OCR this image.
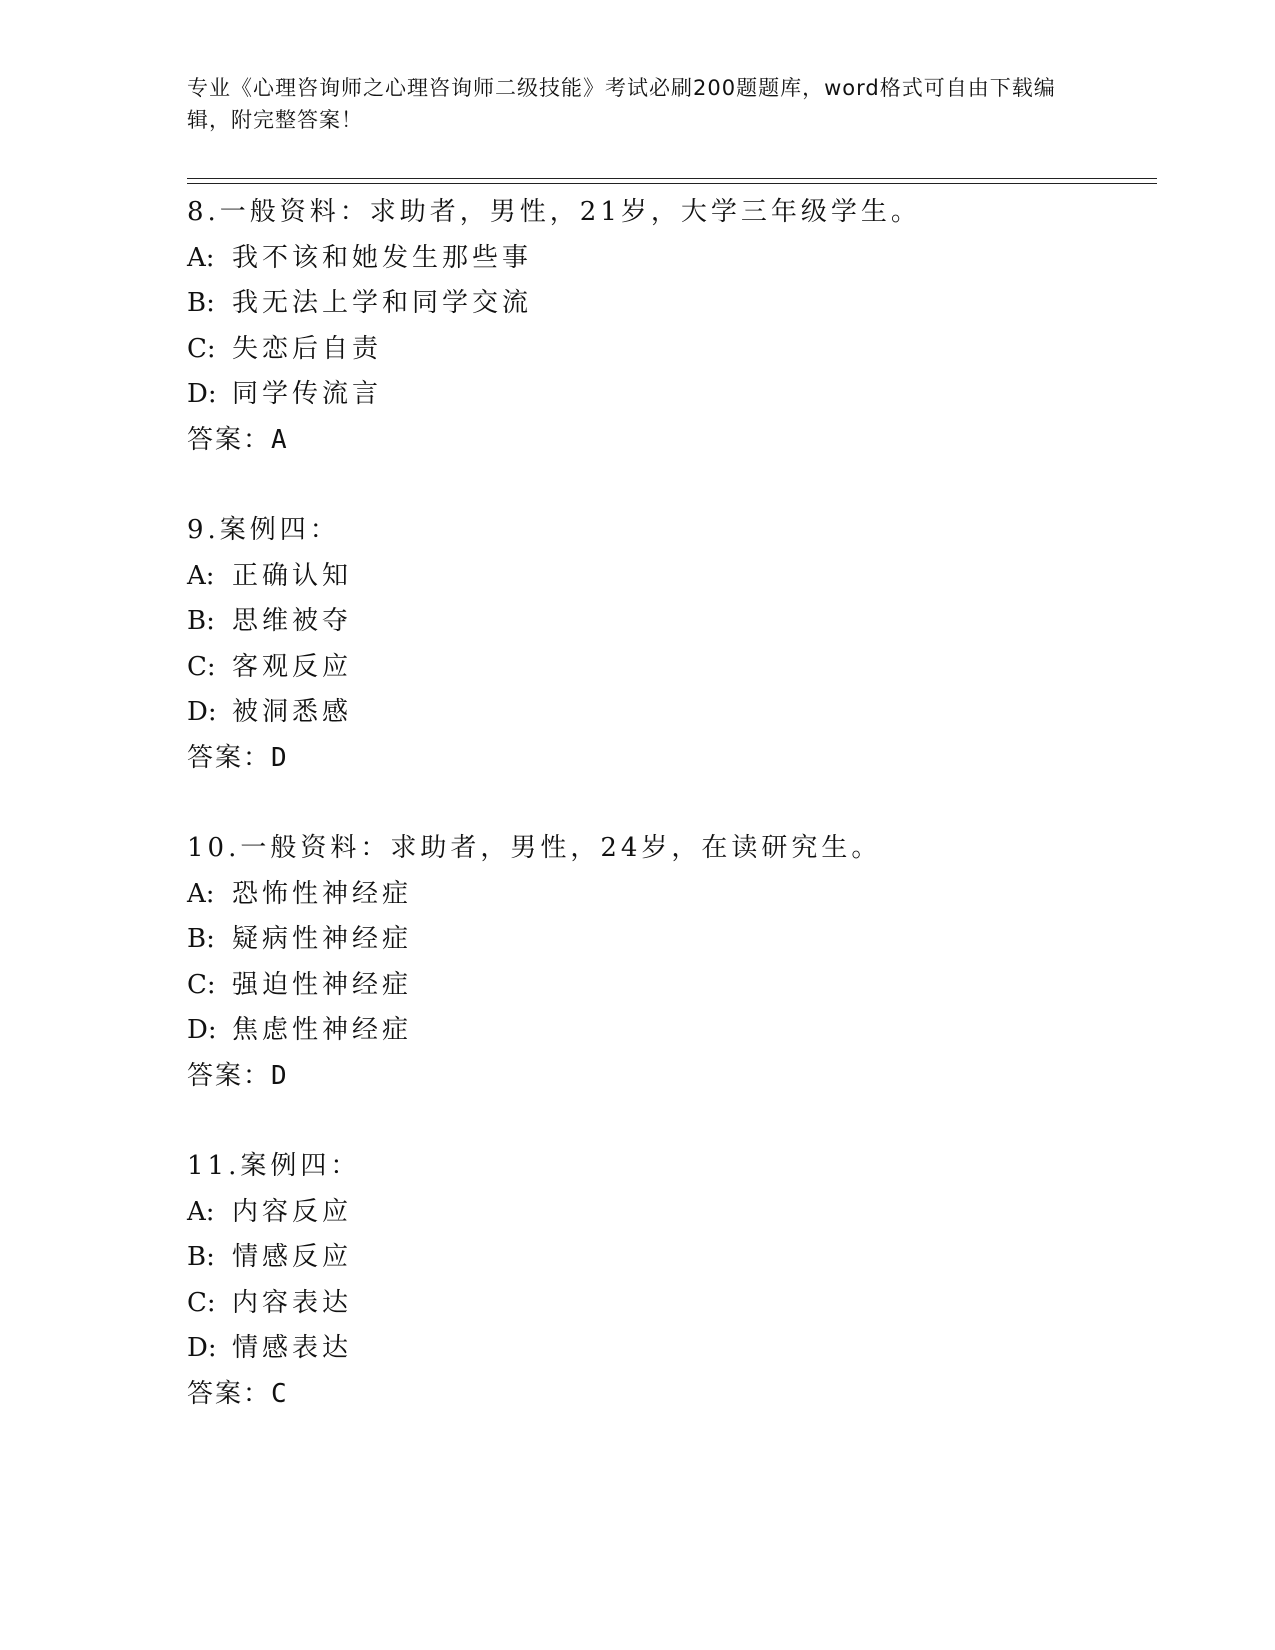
专业《心理咨询师之心理咨询师二级技能》考试必刷200题题库，word格式可自由下载编辑，附完整答案！
8.一般资料：求助者，男性，21岁，大学三年级学生。
A: 我不该和她发生那些事
B: 我无法上学和同学交流
C: 失恋后自责
D: 同学传流言
答案：A
9.案例四：
A: 正确认知
B: 思维被夺
C: 客观反应
D: 被洞悉感
答案：D
10.一般资料：求助者，男性，24岁，在读研究生。
A: 恐怖性神经症
B: 疑病性神经症
C: 强迫性神经症
D: 焦虑性神经症
答案：D
11.案例四：
A: 内容反应
B: 情感反应
C: 内容表达
D: 情感表达
答案：C
